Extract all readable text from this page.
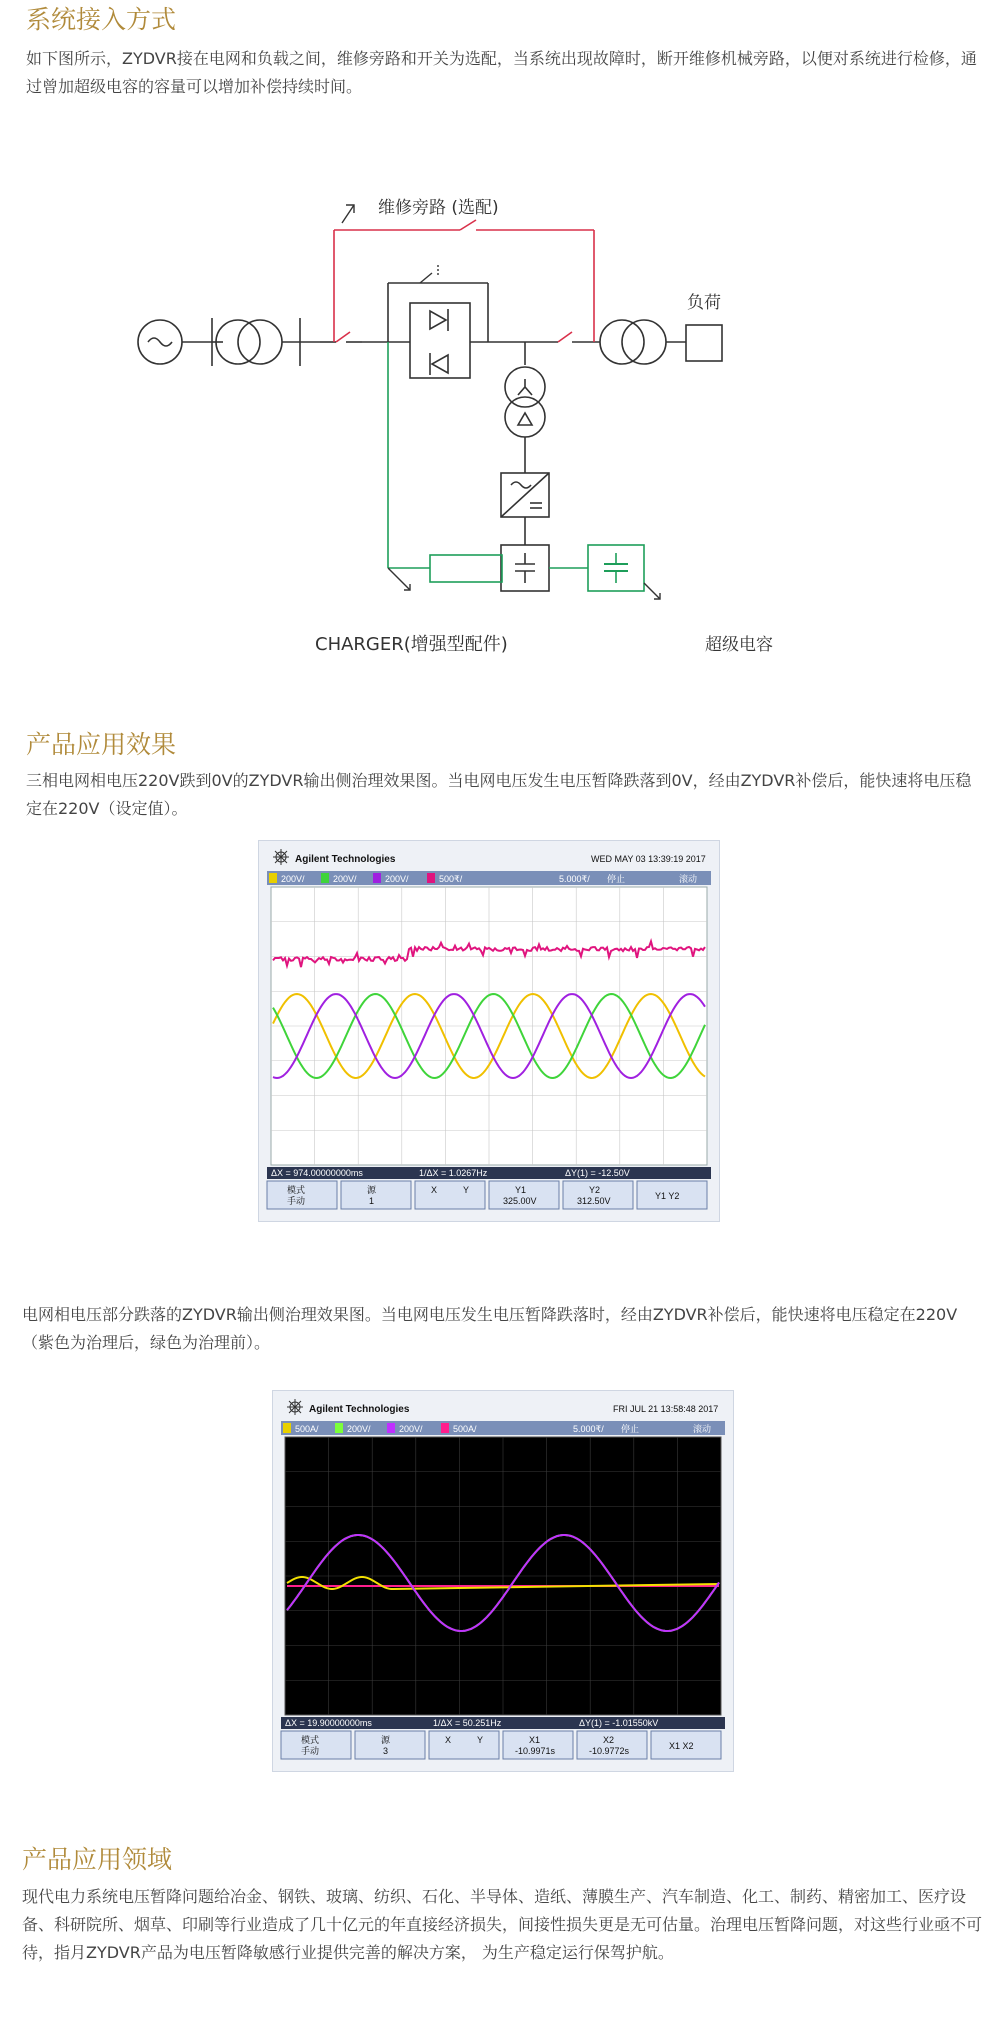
系统接入方式

如下图所示，ZYDVR接在电网和负载之间，维修旁路和开关为选配，当系统出现故障时，断开维修机械旁路，以便对系统进行检修，通过曾加超级电容的容量可以增加补偿持续时间。

维修旁路 (选配)
负荷
CHARGER(增强型配件)	超级电容
产品应用效果

三相电网相电压220V跌到0V的ZYDVR输出侧治理效果图。当电网电压发生电压暂降跌落到0V，经由ZYDVR补偿后，能快速将电压稳定在220V（设定值）。

Agilent Technologies	WED MAY 03 13:39:19 2017
200V/	200V/	200V/	500₹/	5.000₹/ 停止	滚动
ΔX = 974.00000000ms	1/ΔX = 1.0267Hz	ΔY(1) = -12.50V
模式
手动
源
1
X	Y	Y1
325.00V
Y2
312.50V	Y1 Y2

电网相电压部分跌落的ZYDVR输出侧治理效果图。当电网电压发生电压暂降跌落时，经由ZYDVR补偿后，能快速将电压稳定在220V（紫色为治理后，绿色为治理前）。

Agilent Technologies	FRI JUL 21 13:58:48 2017
500A/	200V/	200V/	500A/	5.000₹/ 停止	滚动
ΔX = 19.90000000ms	1/ΔX = 50.251Hz	ΔY(1) = -1.01550kV
模式
手动
源
3
X	Y	X1
-10.9971s
X2
-10.9772s	X1 X2
产品应用领域

现代电力系统电压暂降问题给冶金、钢铁、玻璃、纺织、石化、半导体、造纸、薄膜生产、汽车制造、化工、制药、精密加工、医疗设备、科研院所、烟草、印刷等行业造成了几十亿元的年直接经济损失，间接性损失更是无可估量。治理电压暂降问题，对这些行业亟不可待，指月ZYDVR产品为电压暂降敏感行业提供完善的解决方案， 为生产稳定运行保驾护航。
